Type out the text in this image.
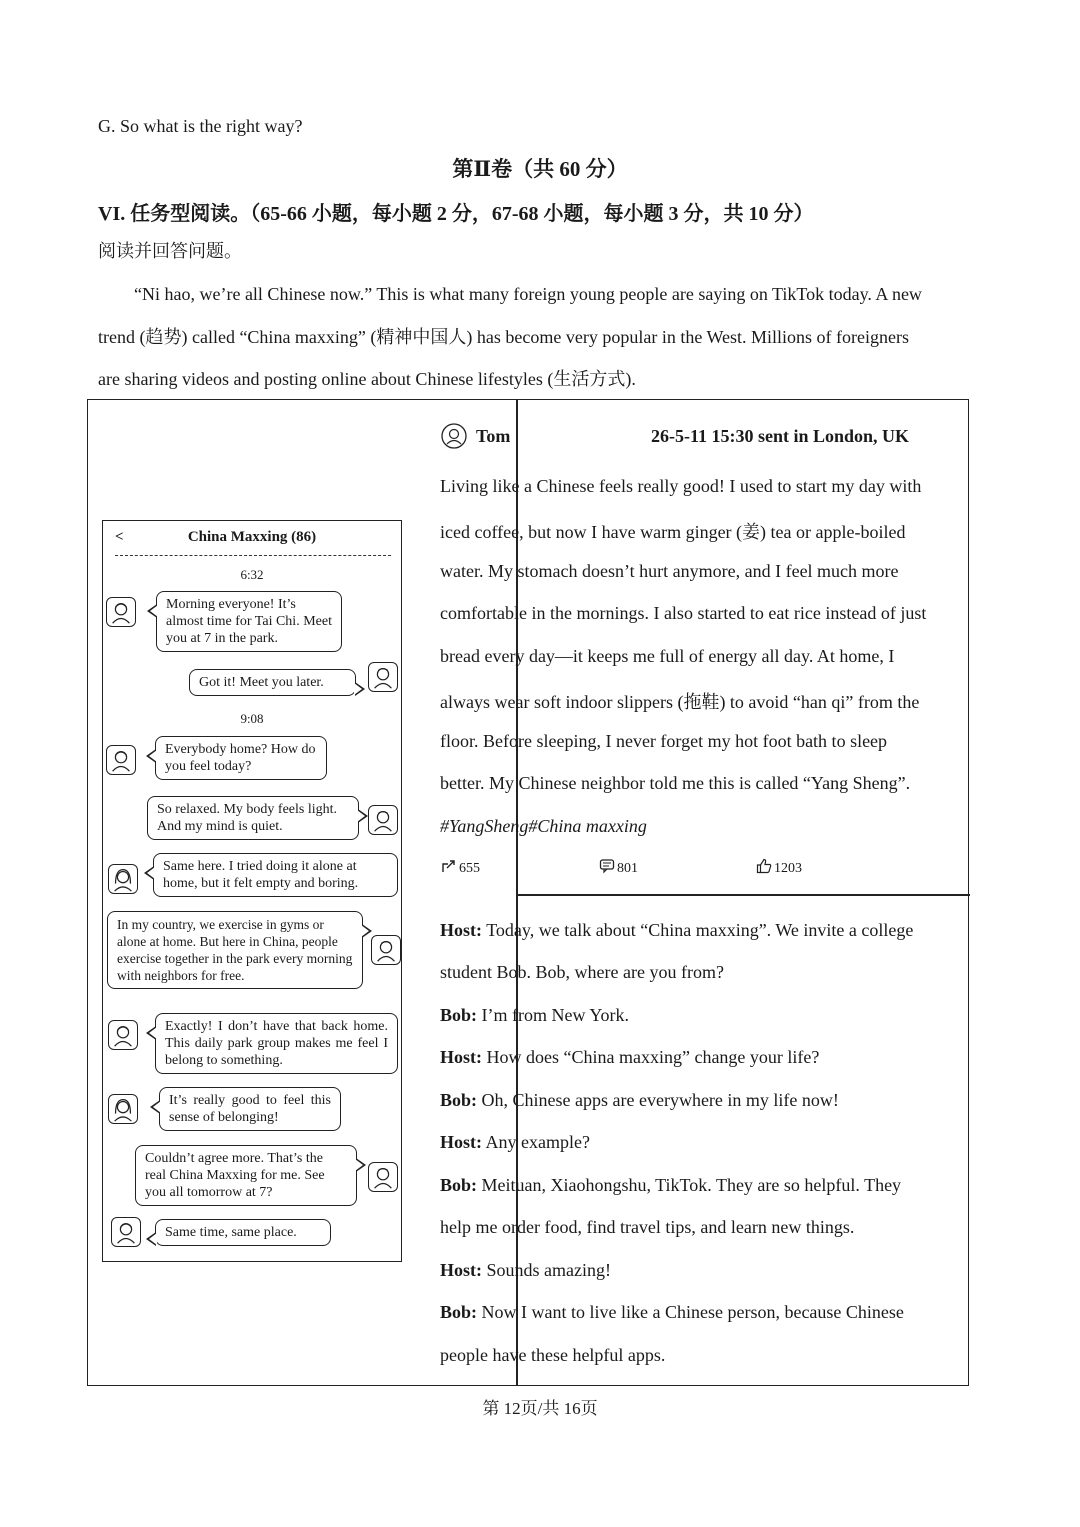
G. So what is the right way?
第Ⅱ卷（共 60 分）
VI. 任务型阅读。（65-66 小题，每小题 2 分，67-68 小题，每小题 3 分，共 10 分）
阅读并回答问题。
“Ni hao, we’re all Chinese now.” This is what many foreign young people are saying on TikTok today. A new
trend (趋势) called “China maxxing” (精神中国人) has become very popular in the West. Millions of foreigners
are sharing videos and posting online about Chinese lifestyles (生活方式).
<	China Maxxing (86)
6:32
Morning everyone! It’s almost time for Tai Chi. Meet you at 7 in the park.
Got it! Meet you later.
9:08
Everybody home? How do you feel today?
So relaxed. My body feels light. And my mind is quiet.
Same here. I tried doing it alone at home, but it felt empty and boring.
In my country, we exercise in gyms or alone at home. But here in China, people exercise together in the park every morning with neighbors for free.
Exactly! I don’t have that back home. This daily park group makes me feel I belong to something.
It’s really good to feel this sense of belonging!
Couldn’t agree more. That’s the real China Maxxing for me. See you all tomorrow at 7?
Same time, same place.
Tom	26-5-11 15:30 sent in London, UK
Living like a Chinese feels really good! I used to start my day with
iced coffee, but now I have warm ginger (姜) tea or apple-boiled
water. My stomach doesn’t hurt anymore, and I feel much more
comfortable in the mornings. I also started to eat rice instead of just
bread every day—it keeps me full of energy all day. At home, I
always wear soft indoor slippers (拖鞋) to avoid “han qi” from the
floor. Before sleeping, I never forget my hot foot bath to sleep
better. My Chinese neighbor told me this is called “Yang Sheng”.
#YangSheng#China maxxing
655	801	1203
Host: Today, we talk about “China maxxing”. We invite a college
student Bob. Bob, where are you from?
Bob: I’m from New York.
Host: How does “China maxxing” change your life?
Bob: Oh, Chinese apps are everywhere in my life now!
Host: Any example?
Bob: Meituan, Xiaohongshu, TikTok. They are so helpful. They
help me order food, find travel tips, and learn new things.
Host: Sounds amazing!
Bob: Now I want to live like a Chinese person, because Chinese
people have these helpful apps.
第 12页/共 16页
